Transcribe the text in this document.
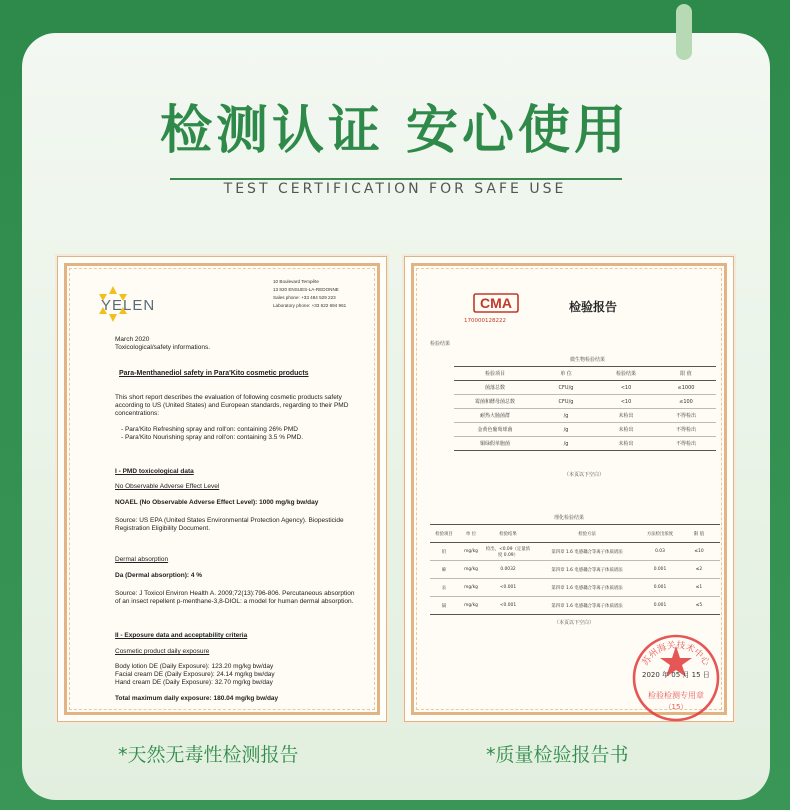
检测认证 安心使用
TEST CERTIFICATION FOR SAFE USE
YELEN
10 Boulevard Tempête
13 820 ENSUES-LA-REDONNE
Sales phone: +33 484 529 223
Laboratory phone: +33 622 694 961
March 2020
Toxicological/safety informations.
Para-Menthanediol safety in Para'Kito cosmetic products
This short report describes the evaluation of following cosmetic products safety according to US (United States) and European standards, regarding to their PMD concentrations:
- Para'Kito Refreshing spray and roll'on: containing 26% PMD
- Para'Kito Nourishing spray and roll'on: containing 3.5 % PMD.
I - PMD toxicological data
No Observable Adverse Effect Level
NOAEL (No Observable Adverse Effect Level): 1000 mg/kg bw/day
Source: US EPA (United States Environmental Protection Agency). Biopesticide Registration Eligibility Document.
Dermal absorption
Da (Dermal absorption): 4 %
Source: J Toxicol Environ Health A. 2009;72(13):796-806. Percutaneous absorption of an insect repellent p-menthane-3,8-DIOL: a model for human dermal absorption.
II - Exposure data and acceptability criteria
Cosmetic product daily exposure
Body lotion DE (Daily Exposure): 123.20 mg/kg bw/day
Facial cream DE (Daily Exposure): 24.14 mg/kg bw/day
Hand cream DE (Daily Exposure): 32.70 mg/kg bw/day
Total maximum daily exposure: 180.04 mg/kg bw/day
CMA
170000128222
检验报告
检验结果
微生物检验结果
检验项目	单 位	检验结果	限 值
菌落总数	CFU/g	<10	≤1000
霉菌和酵母菌总数	CFU/g	<10	≤100
耐热大肠菌群	/g	未检出	不得检出
金黄色葡萄球菌	/g	未检出	不得检出
铜绿假单胞菌	/g	未检出	不得检出
（本页以下空白）
理化检验结果
检验项目	单 位	检验结果	检验方法	方法检出浓度	限 值
铅	mg/kg	检出，<0.09（定量浓度 0.09）	第四章 1.6 电感耦合等离子体质谱法	0.03	≤10
砷	mg/kg	0.0032	第四章 1.6 电感耦合等离子体质谱法	0.001	≤2
汞	mg/kg	<0.001	第四章 1.6 电感耦合等离子体质谱法	0.001	≤1
镉	mg/kg	<0.001	第四章 1.6 电感耦合等离子体质谱法	0.001	≤5
（本页以下空白）
苏州海关技术中心
检验检测专用章
（15）
2020 年 05 月 15 日
*天然无毒性检测报告	*质量检验报告书
